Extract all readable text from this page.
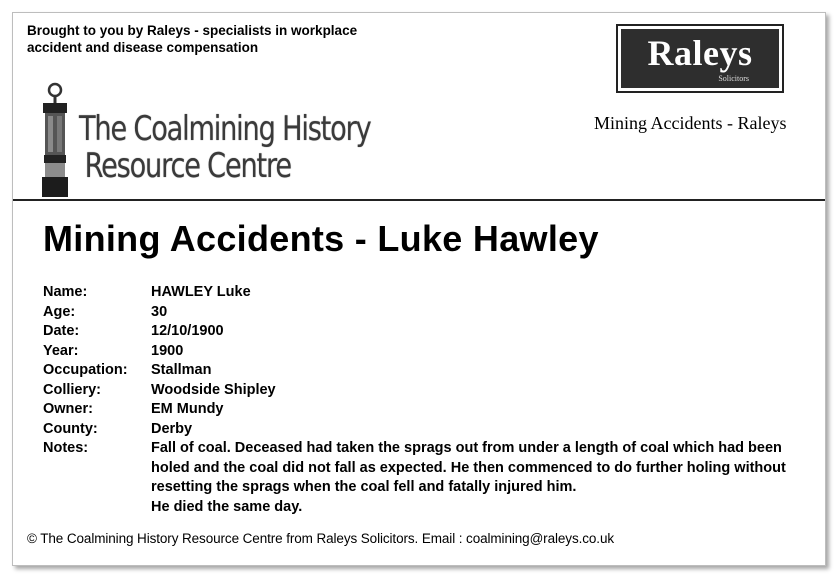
Brought to you by Raleys - specialists in workplace accident and disease compensation	Raleys
Solicitors
Mining Accidents - Raleys
The Coalmining History
Resource Centre
Mining Accidents - Luke Hawley
Name:	HAWLEY Luke
Age:	30
Date:	12/10/1900
Year:	1900
Occupation:	Stallman
Colliery:	Woodside Shipley
Owner:	EM Mundy
County:	Derby
Notes:	Fall of coal. Deceased had taken the sprags out from under a length of coal which had been holed and the coal did not fall as expected. He then commenced to do further holing without resetting the sprags when the coal fell and fatally injured him.
He died the same day.
© The Coalmining History Resource Centre from Raleys Solicitors. Email : coalmining@raleys.co.uk
